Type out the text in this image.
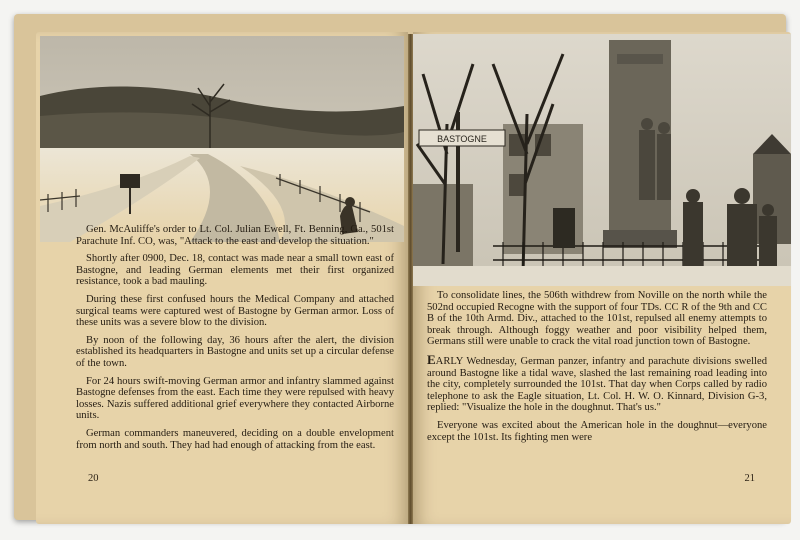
Gen. McAuliffe's order to Lt. Col. Julian Ewell, Ft. Benning, Ga., 501st Parachute Inf. CO, was, "Attack to the east and develop the situation."

Shortly after 0900, Dec. 18, contact was made near a small town east of Bastogne, and leading German elements met their first organized resistance, took a bad mauling.

During these first confused hours the Medical Company and attached surgical teams were captured west of Bastogne by German armor. Loss of these units was a severe blow to the division.

By noon of the following day, 36 hours after the alert, the division established its headquarters in Bastogne and units set up a circular defense of the town.

For 24 hours swift-moving German armor and infantry slammed against Bastogne defenses from the east. Each time they were repulsed with heavy losses. Nazis suffered additional grief everywhere they contacted Airborne units.

German commanders maneuvered, deciding on a double envelopment from north and south. They had had enough of attacking from the east.

20
BASTOGNE

To consolidate lines, the 506th withdrew from Noville on the north while the 502nd occupied Recogne with the support of four TDs. CC R of the 9th and CC B of the 10th Armd. Div., attached to the 101st, repulsed all enemy attempts to break through. Although foggy weather and poor visibility helped them, Germans still were unable to crack the vital road junction town of Bastogne.

EARLY Wednesday, German panzer, infantry and parachute divisions swelled around Bastogne like a tidal wave, slashed the last remaining road leading into the city, completely surrounded the 101st. That day when Corps called by radio telephone to ask the Eagle situation, Lt. Col. H. W. O. Kinnard, Division G-3, replied: "Visualize the hole in the doughnut. That's us."

Everyone was excited about the American hole in the doughnut—everyone except the 101st. Its fighting men were

21
